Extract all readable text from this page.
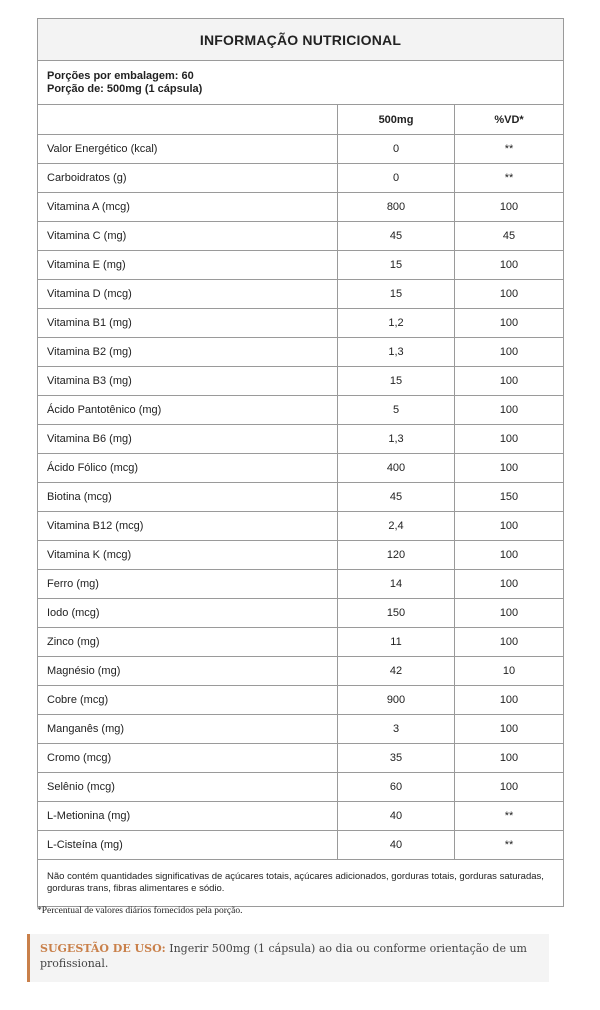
INFORMAÇÃO NUTRICIONAL		

Porções por embalagem: 60
Porção de: 500mg (1 cápsula)		

	500mg	%VD*
Valor Energético (kcal)	0	**
Carboidratos (g)	0	**
Vitamina A (mcg)	800	100
Vitamina C (mg)	45	45
Vitamina E (mg)	15	100
Vitamina D (mcg)	15	100
Vitamina B1 (mg)	1,2	100
Vitamina B2 (mg)	1,3	100
Vitamina B3 (mg)	15	100
Ácido Pantotênico (mg)	5	100
Vitamina B6 (mg)	1,3	100
Ácido Fólico (mcg)	400	100
Biotina (mcg)	45	150
Vitamina B12 (mcg)	2,4	100
Vitamina K (mcg)	120	100
Ferro (mg)	14	100
Iodo (mcg)	150	100
Zinco (mg)	11	100
Magnésio (mg)	42	10
Cobre (mcg)	900	100
Manganês (mg)	3	100
Cromo (mcg)	35	100
Selênio (mcg)	60	100
L-Metionina (mg)	40	**
L-Cisteína (mg)	40	**
Não contém quantidades significativas de açúcares totais, açúcares adicionados, gorduras totais, gorduras saturadas, gorduras trans, fibras alimentares e sódio.		
*Percentual de valores diários fornecidos pela porção.
SUGESTÃO DE USO: Ingerir 500mg (1 cápsula) ao dia ou conforme orientação de um profissional.
